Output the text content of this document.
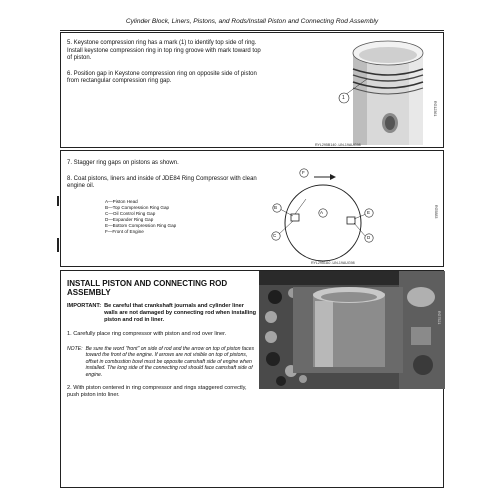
Cylinder Block, Liners, Pistons, and Rods/Install Piston and Connecting Rod Assembly

5. Keystone compression ring has a mark (1) to identify top side of ring. Install keystone compression ring in top ring groove with mark toward top of piston.

6. Position gap in Keystone compression ring on opposite side of piston from rectangular compression ring gap.

1
RG12361
RYL295B140 -UN-19AUG98

7. Stagger ring gaps on pistons as shown.

8. Coat pistons, liners and inside of JDE84 Ring Compressor with clean engine oil.

A—Piston Head

B—Top Compression Ring Gap

C—Oil Control Ring Gap

D—Expander Ring Gap

E—Bottom Compression Ring Gap

F—Front of Engine

B
C
A
F
E
D
RG5883
RYL2951A0 -UN-19AUG98

INSTALL PISTON AND CONNECTING ROD ASSEMBLY

IMPORTANT: Be careful that crankshaft journals and cylinder liner walls are not damaged by connecting rod when installing piston and rod in liner.

1. Carefully place ring compressor with piston and rod over liner.

NOTE: Be sure the word "front" on side of rod and the arrow on top of piston faces toward the front of the engine. If arrows are not visible on top of pistons, offset in combustion bowl must be opposite camshaft side of engine when installed. The long side of the connecting rod should face camshaft side of engine.

2. With piston centered in ring compressor and rings staggered correctly, push piston into liner.

RG7521
